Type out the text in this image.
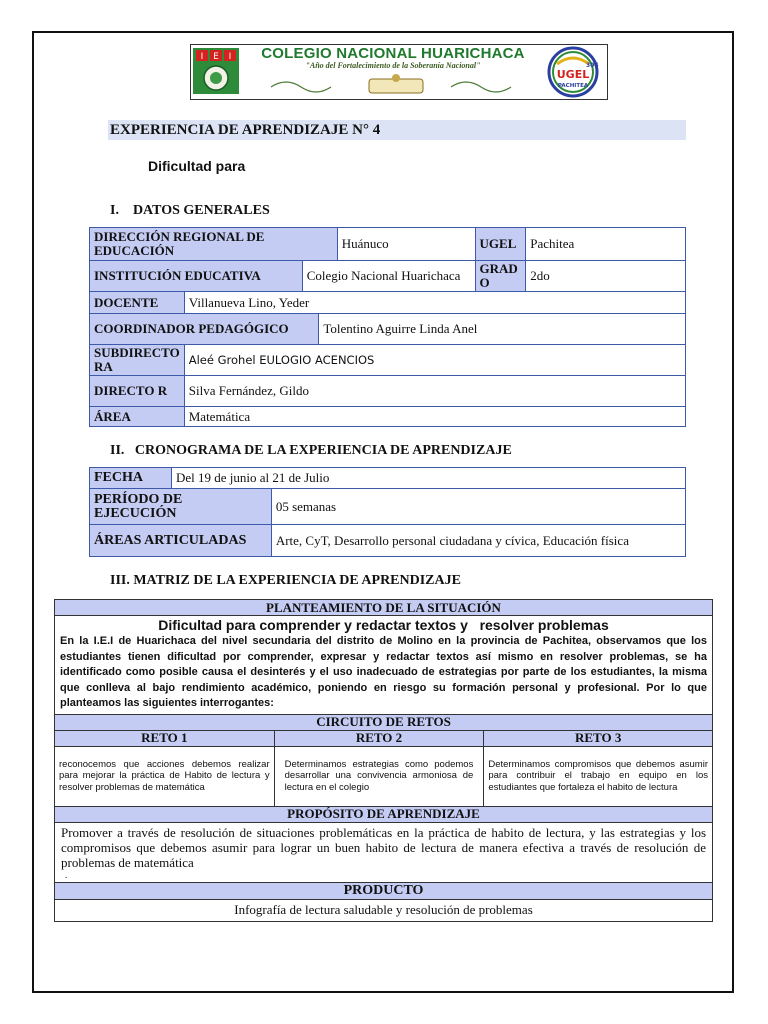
I E I	COLEGIO NACIONAL HUARICHACA
"Año del Fortalecimiento de la Soberanía Nacional"	304
UGEL
PACHITEA
EXPERIENCIA DE APRENDIZAJE N° 4
Dificultad para
I.    DATOS GENERALES
DIRECCIÓN REGIONAL DE EDUCACIÓN				Huánuco	UGEL	Pachitea
INSTITUCIÓN EDUCATIVA		Colegio Nacional Huarichaca			GRAD O	2do
DOCENTE	Villanueva Lino, Yeder					
COORDINADOR PEDAGÓGICO			Tolentino Aguirre Linda Anel			
SUBDIRECTO RA	Aleé Grohel EULOGIO ACENCIOS					
DIRECTO R	Silva Fernández, Gildo					
ÁREA	Matemática					
II.   CRONOGRAMA DE LA EXPERIENCIA DE APRENDIZAJE
FECHA	Del 19 de junio al 21 de Julio	
PERÍODO DE EJECUCIÓN		05 semanas
ÁREAS ARTICULADAS		Arte, CyT, Desarrollo personal ciudadana y cívica, Educación física
III. MATRIZ DE LA EXPERIENCIA DE APRENDIZAJE
PLANTEAMIENTO DE LA SITUACIÓN		

Dificultad para comprender y redactar textos y   resolver problemas
En la I.E.I de Huarichaca del nivel secundaria del distrito de Molino en la provincia de Pachitea, observamos que los estudiantes tienen dificultad por comprender, expresar y redactar textos así mismo en resolver problemas, se ha identificado como posible causa el desinterés y el uso inadecuado de estrategias por parte de los estudiantes, la misma que conlleva al bajo rendimiento académico, poniendo en riesgo su formación personal y profesional. Por lo que planteamos las siguientes interrogantes:		

CIRCUITO DE RETOS		
RETO 1	RETO 2	RETO 3
reconocemos que acciones debemos realizar para mejorar la práctica de Habito de lectura y resolver problemas de matemática	Determinamos estrategias como podemos desarrollar una convivencia armoniosa de lectura en el colegio	Determinamos compromisos que debemos asumir para contribuir el trabajo en equipo en los estudiantes que fortaleza el habito de lectura
PROPÓSITO DE APRENDIZAJE		

Promover a través de resolución de situaciones problemáticas en la práctica de habito de lectura, y las estrategias y los compromisos que debemos asumir para lograr un buen habito de lectura de manera efectiva a través de resolución de problemas de matemática
.		

PRODUCTO		
Infografía de lectura saludable y resolución de problemas		
